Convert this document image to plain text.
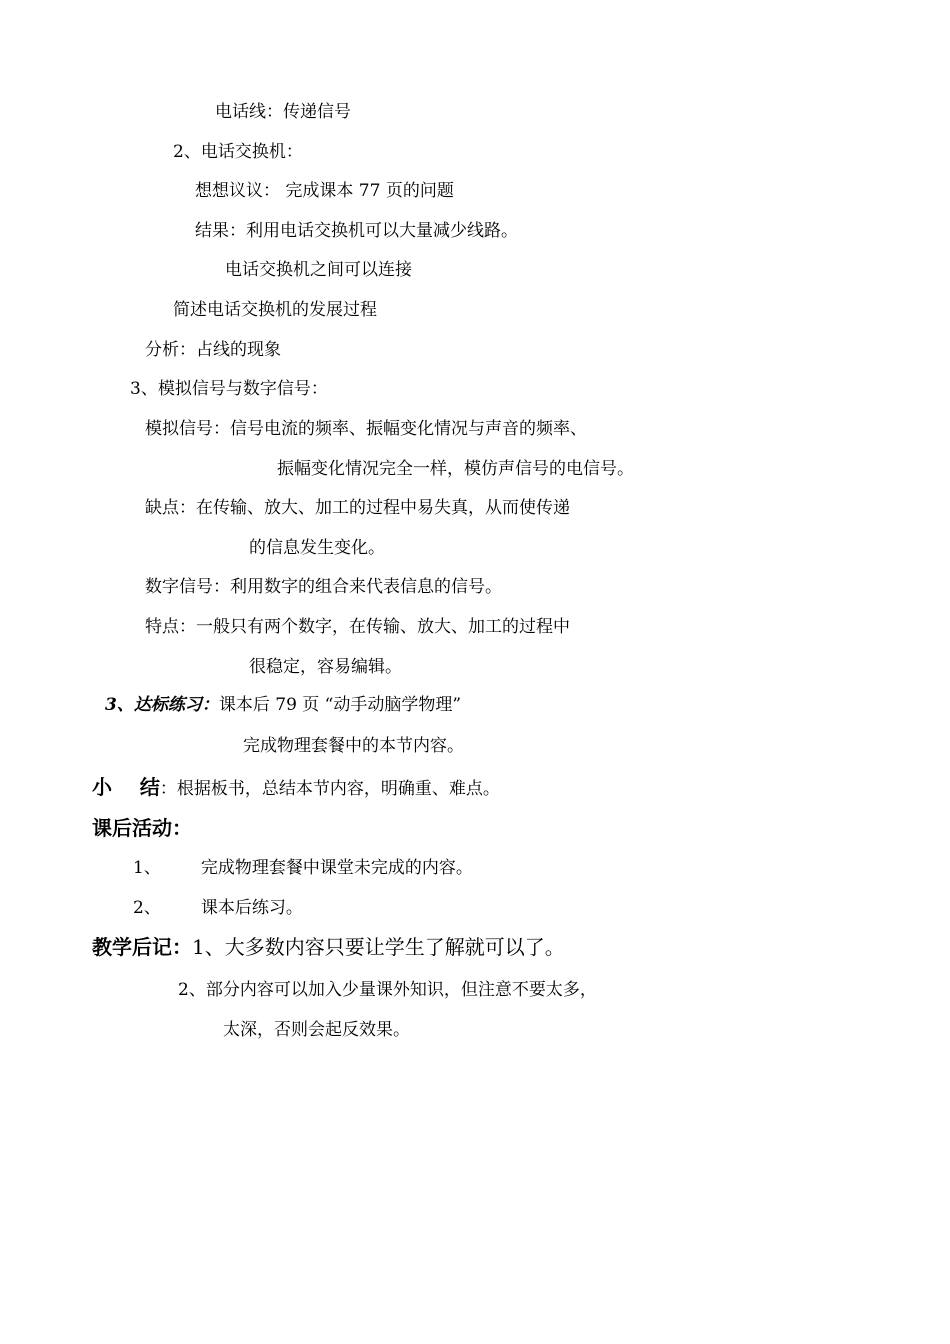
电话线：传递信号
2、电话交换机：
想想议议： 完成课本 77 页的问题
结果：利用电话交换机可以大量减少线路。
电话交换机之间可以连接
简述电话交换机的发展过程
分析：占线的现象
3、模拟信号与数字信号：
模拟信号：信号电流的频率、振幅变化情况与声音的频率、
振幅变化情况完全一样，模仿声信号的电信号。
缺点：在传输、放大、加工的过程中易失真，从而使传递
的信息发生变化。
数字信号：利用数字的组合来代表信息的信号。
特点：一般只有两个数字，在传输、放大、加工的过程中
很稳定，容易编辑。
3、达标练习：课本后 79 页 “动手动脑学物理”
完成物理套餐中的本节内容。
小    结：根据板书，总结本节内容，明确重、难点。
课后活动：
1、 完成物理套餐中课堂未完成的内容。
2、 课本后练习。
教学后记：1、大多数内容只要让学生了解就可以了。
2、部分内容可以加入少量课外知识，但注意不要太多，
太深，否则会起反效果。
